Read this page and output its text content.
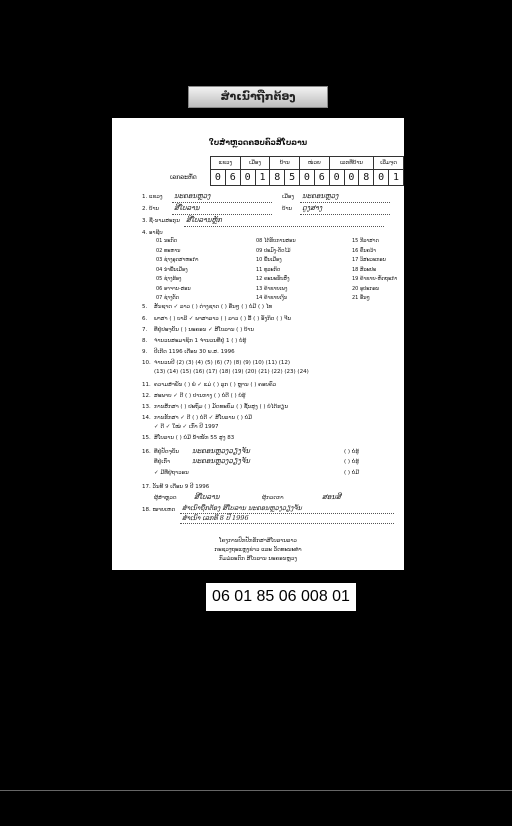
ສຳເນົາຖືກຕ້ອງ
ໃບສຳຫຼວດຄອບຄົວສີໂບລານ
ເລກລະຫັດ
ແຂວງ		ເມືອງ		ບ້ານ		ໜ່ວຍ		ເລກທີ່ບ້ານ			ເລີ່ມຈຸດ	
0	6	0	1	8	5	0	6	0	0	8	0	1
1. ແຂວງ ນະຄອນຫຼວງ	ເມືອງ ນະຄອນຫຼວງ
2. ບ້ານ ສີໂບລານ	ບ້ານ ດູງສາງ
3. ຊື່-ນາມສະກຸນ ສີໂບລານຫຼັກ
4. ອາຊີບ
01 ນະກົດ	08 ໄດ້ຮັບການສອນ	15 ກີລາສາດ
02 ທະຫານ	09 ປະມົງ-ຕັດໄມ້	16 ຄົ້ນຄວ້າ
03 ຊ່າງອຸດສາຫະກຳ	10 ພື້ນເມືອງ	17 ວິສະວະກອນ
04 ນຳພື້ນເມືອງ	11 ທຸລະກິດ	18 ສິລະປະ
05 ຊ່າງຮ້ອງ	12 ຄະນະຮັບສົ່ງ	19 ຄ້າຂາຍ-ຫັດຖະກຳ
06 ອາຈານ-ສອນ	13 ຄ້າຂາຍເພງ	20 ອຸປະກອນ
07 ຊ່າງຕັດ	14 ຄ້າຂາຍເງິນ	21 ອື່ນໆ
5. ສັນຊາດ ✓ ລາວ ( ) ຕ່າງຊາດ ( ) ອື່ນໆ ( ) ບໍ່ມີ ( ) ໄທ
6. ພາສາ ( ) ບາລີ ✓ ພາສາລາວ ( ) ລາວ ( ) ລື້ ( ) ອັງກິດ ( ) ຈີນ
7. ທີ່ຢູ່ປະຈຸບັນ ( ) ນະຄອນ ✓ ສີໂບລານ ( ) ບ້ານ
8. ຈຳນວນສະມາຊິກ 1 ຈຳນວນທີ່ຢູ່ 1 ( ) ບໍ່ຮູ້
9. ປີເກີດ 1196 ເດືອນ 30 ພ.ສ. 1996
10. ຈຳນວນປີ (2) (3) (4) (5) (6) (7) (8) (9) (10) (11) (12)
(13) (14) (15) (16) (17) (18) (19) (20) (21) (22) (23) (24)
11. ຄວາມສຳພັນ ( ) ພໍ່ ✓ ແມ່ ( ) ລູກ ( ) ຫຼານ ( ) ຄອບຄົວ
12. ສະພາບ ✓ ດີ ( ) ປານກາງ ( ) ບໍ່ດີ ( ) ບໍ່ຮູ້
13. ການສຶກສາ ( ) ປະຖົມ ( ) ມັດທະຍົມ ( ) ຊັ້ນສູງ ( ) ບໍ່ໄດ້ຮຽນ
14. ການຮັກສາ ✓ ດີ ( ) ບໍ່ດີ ✓ ສີໂບລານ ( ) ບໍ່ມີ
✓ ດີ ✓ ໃໝ່ ✓ ເກົ່າ ປີ 1997
15. ສີໂບລານ ( ) ບໍ່ມີ ນ້ຳໜັກ 55 ສູງ 83
16. ທີ່ຢູ່ປັດຈຸບັນ ນະຄອນຫຼວງວຽງຈັນ	( ) ບໍ່ຮູ້
ທີ່ຢູ່ເກົ່າ	ນະຄອນຫຼວງວຽງຈັນ	( ) ບໍ່ຮູ້
✓ ມີທີ່ຢູ່ຖາວອນ	( ) ບໍ່ມີ
17. ວັນທີ 9 ເດືອນ 9 ປີ 1996
ຜູ້ສຳຫຼວດ ສີໂບລານ	ຜູ້ກວດກາ	ສອນສີ
18. ໝາຍເຫດ ສຳເນົາຖືກຕ້ອງ ສີໂບລານ ນະຄອນຫຼວງວຽງຈັນ
ສຳເນົາ ເລກທີ 8 ປີ 1996
ໂຄງການປົກປັກຮັກສາສີໂບລານລາວ
ກະຊວງຖະແຫຼງຂ່າວ ແລະ ວັດທະນະທຳ
ກົມມໍລະດົກ ສີໂບລານ ນະຄອນຫຼວງ
06 01 85 06 008 01
